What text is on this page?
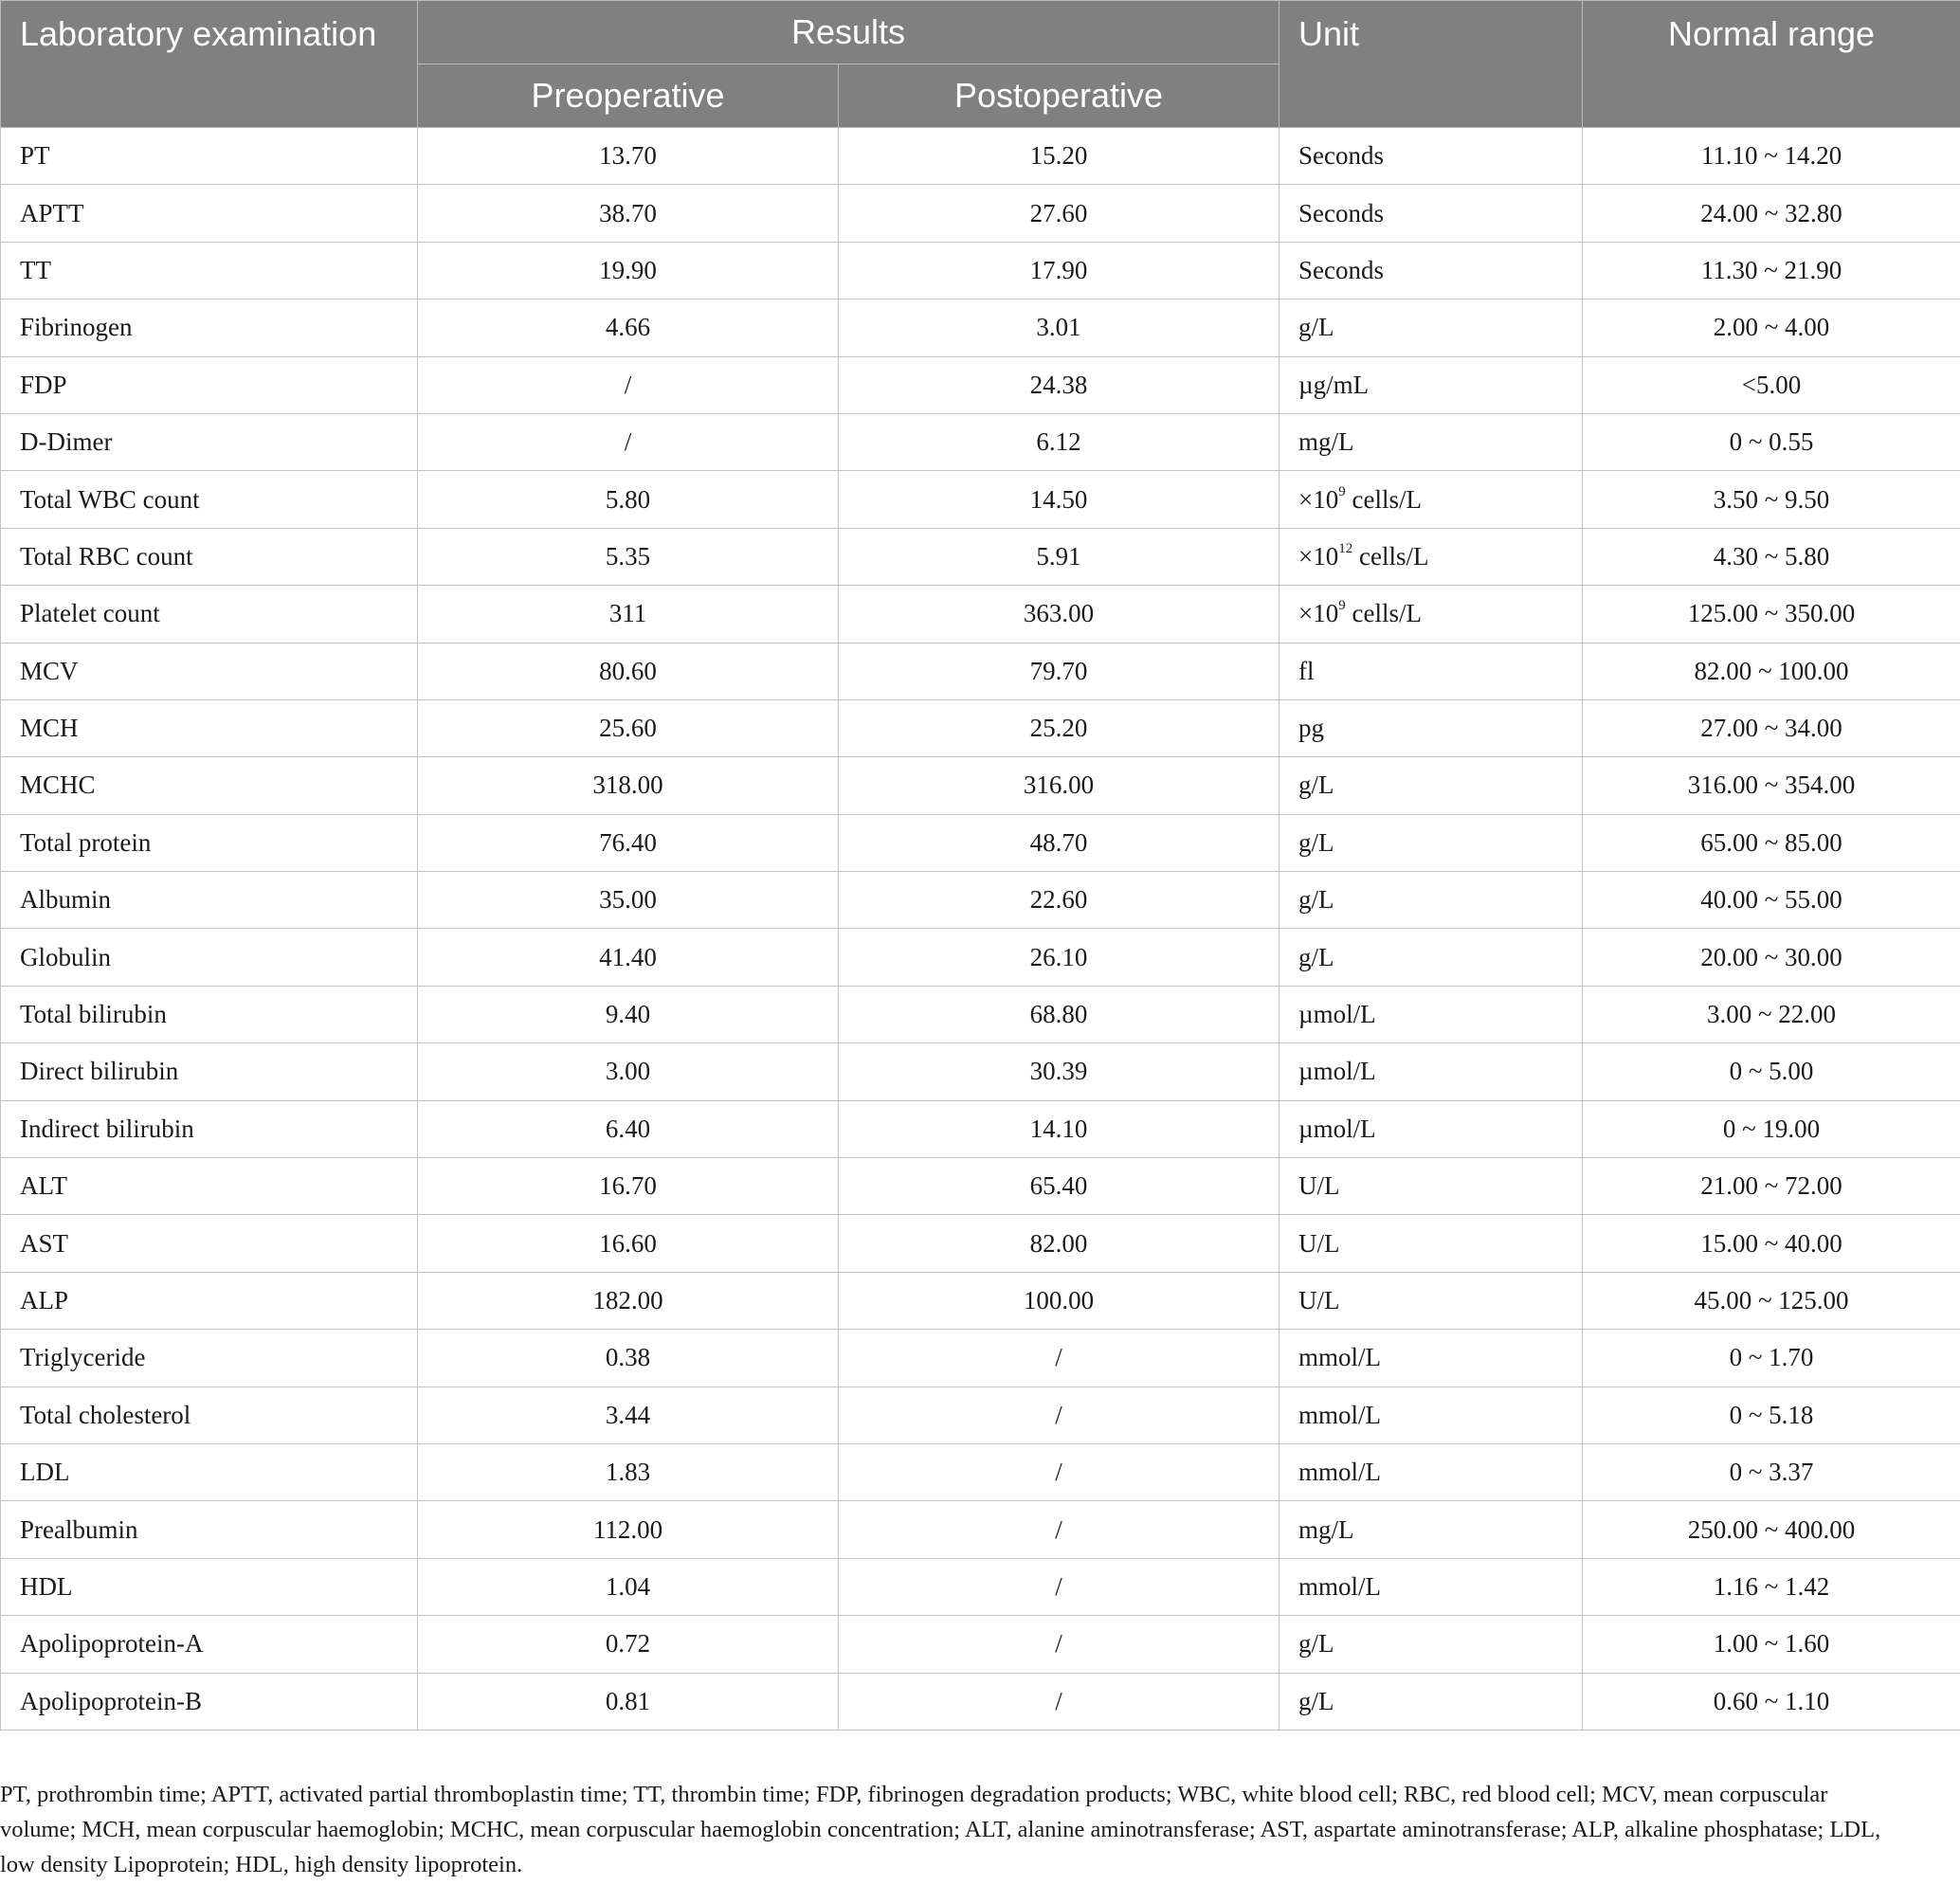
Laboratory examination	Results		Unit	Normal range
	Preoperative	Postoperative		
PT	13.70	15.20	Seconds	11.10 ~ 14.20
APTT	38.70	27.60	Seconds	24.00 ~ 32.80
TT	19.90	17.90	Seconds	11.30 ~ 21.90
Fibrinogen	4.66	3.01	g/L	2.00 ~ 4.00
FDP	/	24.38	µg/mL	<5.00
D-Dimer	/	6.12	mg/L	0 ~ 0.55
Total WBC count	5.80	14.50	$\times 10^9$ cells/L	3.50 ~ 9.50
Total RBC count	5.35	5.91	$\times 10^{12}$ cells/L	4.30 ~ 5.80
Platelet count	311	363.00	$\times 10^9$ cells/L	125.00 ~ 350.00
MCV	80.60	79.70	fl	82.00 ~ 100.00
MCH	25.60	25.20	pg	27.00 ~ 34.00
MCHC	318.00	316.00	g/L	316.00 ~ 354.00
Total protein	76.40	48.70	g/L	65.00 ~ 85.00
Albumin	35.00	22.60	g/L	40.00 ~ 55.00
Globulin	41.40	26.10	g/L	20.00 ~ 30.00
Total bilirubin	9.40	68.80	µmol/L	3.00 ~ 22.00
Direct bilirubin	3.00	30.39	µmol/L	0 ~ 5.00
Indirect bilirubin	6.40	14.10	µmol/L	0 ~ 19.00
ALT	16.70	65.40	U/L	21.00 ~ 72.00
AST	16.60	82.00	U/L	15.00 ~ 40.00
ALP	182.00	100.00	U/L	45.00 ~ 125.00
Triglyceride	0.38	/	mmol/L	0 ~ 1.70
Total cholesterol	3.44	/	mmol/L	0 ~ 5.18
LDL	1.83	/	mmol/L	0 ~ 3.37
Prealbumin	112.00	/	mg/L	250.00 ~ 400.00
HDL	1.04	/	mmol/L	1.16 ~ 1.42
Apolipoprotein-A	0.72	/	g/L	1.00 ~ 1.60
Apolipoprotein-B	0.81	/	g/L	0.60 ~ 1.10
PT, prothrombin time; APTT, activated partial thromboplastin time; TT, thrombin time; FDP, fibrinogen degradation products; WBC, white blood cell; RBC, red blood cell; MCV, mean corpuscular volume; MCH, mean corpuscular haemoglobin; MCHC, mean corpuscular haemoglobin concentration; ALT, alanine aminotransferase; AST, aspartate aminotransferase; ALP, alkaline phosphatase; LDL, low density Lipoprotein; HDL, high density lipoprotein.
